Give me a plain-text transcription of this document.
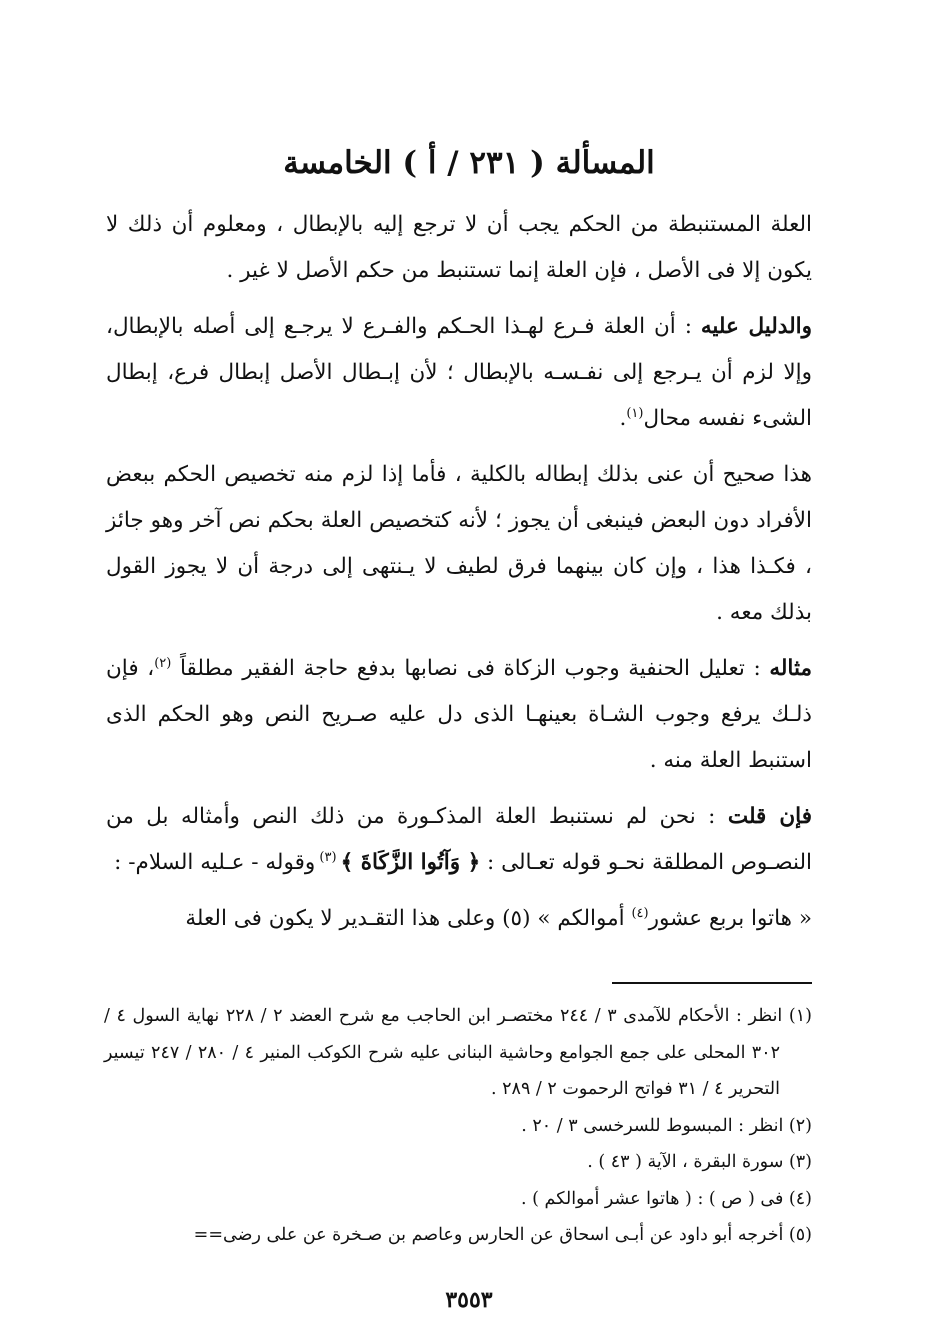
المسألة ( ٢٣١ / أ ) الخامسة

العلة المستنبطة من الحكم يجب أن لا ترجع إليه بالإبطال ، ومعلوم أن ذلك لا يكون إلا فى الأصل ، فإن العلة إنما تستنبط من حكم الأصل لا غير .

والدليل عليه : أن العلة فـرع لهـذا الحـكم والفـرع لا يرجـع إلى أصله بالإبطال، وإلا لزم أن يـرجع إلى نفـسـه بالإبطال ؛ لأن إبـطال الأصل إبطال فرع، إبطال الشىء نفسه محال$^{(١)}$.

هذا صحيح أن عنى بذلك إبطاله بالكلية ، فأما إذا لزم منه تخصيص الحكم ببعض الأفراد دون البعض فينبغى أن يجوز ؛ لأنه كتخصيص العلة بحكم نص آخر وهو جائز ، فكـذا هذا ، وإن كان بينهما فرق لطيف لا يـنتهى إلى درجة أن لا يجوز القول بذلك معه .

مثاله : تعليل الحنفية وجوب الزكاة فى نصابها بدفع حاجة الفقير مطلقاً $^{(٢)}$، فإن ذلـك يرفع وجوب الشـاة بعينهـا الذى دل عليه صـريح النص وهو الحكم الذى استنبط العلة منه .

فإن قلت : نحن لم نستنبط العلة المذكـورة من ذلك النص وأمثاله بل من النصـوص المطلقة نحـو قوله تعـالى : ﴿ وَآتُوا الزَّكَاةَ ﴾ $^{(٣)}$ وقوله - عـليه السلام- :

« هاتوا بربع عشور$^{(٤)}$ أموالكم » (٥) وعلى هذا التقـدير لا يكون فى العلة

(١) انظر : الأحكام للآمدى ٣ / ٢٤٤ مختصـر ابن الحاجب مع شرح العضد ٢ / ٢٢٨ نهاية السول ٤ / ٣٠٢ المحلى على جمع الجوامع وحاشية البنانى عليه شرح الكوكب المنير ٤ / ٢٨٠ / ٢٤٧ تيسير التحرير ٤ / ٣١ فواتح الرحموت ٢ / ٢٨٩ .

(٢) انظر : المبسوط للسرخسى ٣ / ٢٠ .

(٣) سورة البقرة ، الآية ( ٤٣ ) .

(٤) فى ( ص ) : ( هاتوا عشر أموالكم ) .

(٥) أخرجه أبو داود عن أبـى اسحاق عن الحارس وعاصم بن صـخرة عن على رضى==

٣٥٥٣
